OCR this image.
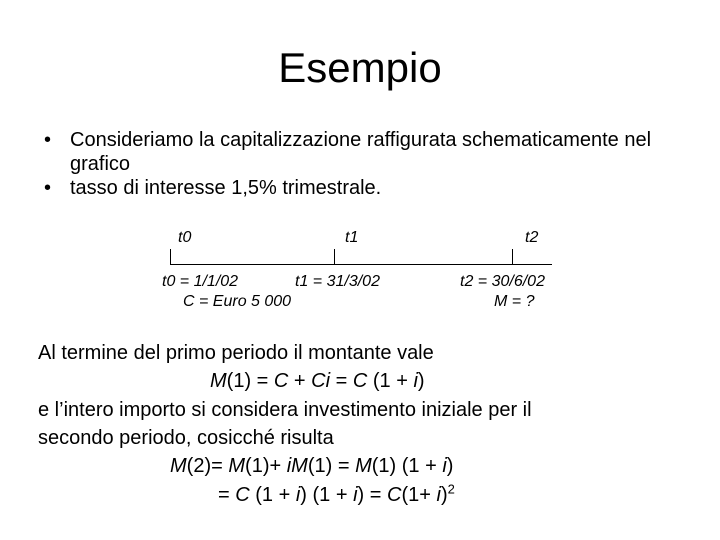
Esempio
• Consideriamo la capitalizzazione raffigurata schematicamente nel grafico
• tasso di interesse 1,5% trimestrale.
t0	t1	t2
t0 = 1/1/02	t1 = 31/3/02	t2 = 30/6/02
C = Euro 5 000	M = ?
Al termine del primo periodo il montante vale
M(1) = C + Ci = C (1 + i)
e l’intero importo si considera investimento iniziale per il
secondo periodo, cosicché risulta
M(2)= M(1)+ iM(1) = M(1) (1 + i)
= C (1 + i) $(1 + i) = C(1+ i)^2$
